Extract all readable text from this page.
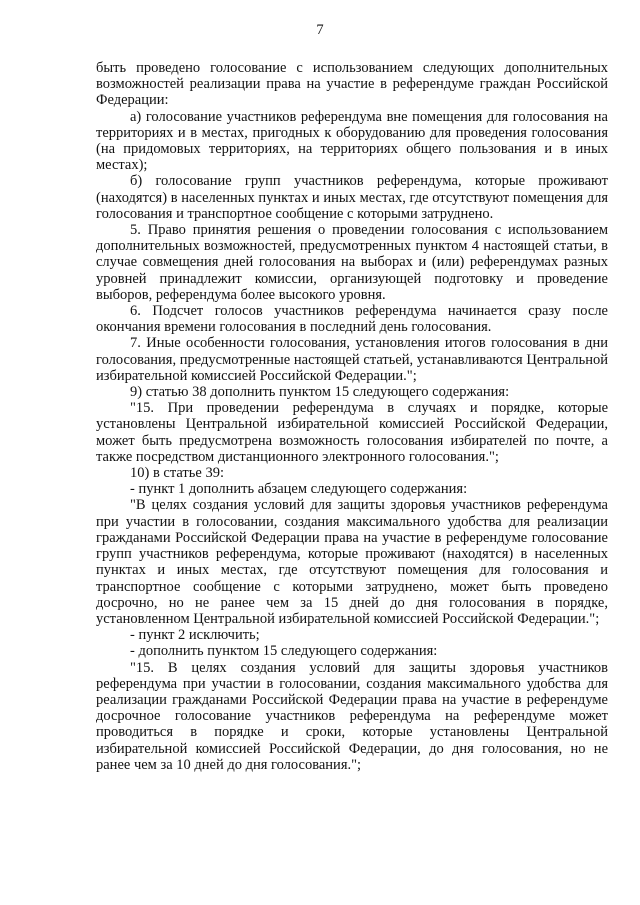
7

быть проведено голосование с использованием следующих дополнительных возможностей реализации права на участие в референдуме граждан Российской Федерации:

а) голосование участников референдума вне помещения для голосования на территориях и в местах, пригодных к оборудованию для проведения голосования (на придомовых территориях, на территориях общего пользования и в иных местах);

б) голосование групп участников референдума, которые проживают (находятся) в населенных пунктах и иных местах, где отсутствуют помещения для голосования и транспортное сообщение с которыми затруднено.

5. Право принятия решения о проведении голосования с использованием дополнительных возможностей, предусмотренных пунктом 4 настоящей статьи, в случае совмещения дней голосования на выборах и (или) референдумах разных уровней принадлежит комиссии, организующей подготовку и проведение выборов, референдума более высокого уровня.

6. Подсчет голосов участников референдума начинается сразу после окончания времени голосования в последний день голосования.

7. Иные особенности голосования, установления итогов голосования в дни голосования, предусмотренные настоящей статьей, устанавливаются Центральной избирательной комиссией Российской Федерации.";

9) статью 38 дополнить пунктом 15 следующего содержания:

"15. При проведении референдума в случаях и порядке, которые установлены Центральной избирательной комиссией Российской Федерации, может быть предусмотрена возможность голосования избирателей по почте, а также посредством дистанционного электронного голосования.";

10) в статье 39:

- пункт 1 дополнить абзацем следующего содержания:

"В целях создания условий для защиты здоровья участников референдума при участии в голосовании, создания максимального удобства для реализации гражданами Российской Федерации права на участие в референдуме голосование групп участников референдума, которые проживают (находятся) в населенных пунктах и иных местах, где отсутствуют помещения для голосования и транспортное сообщение с которыми затруднено, может быть проведено досрочно, но не ранее чем за 15 дней до дня голосования в порядке, установленном Центральной избирательной комиссией Российской Федерации.";

- пункт 2 исключить;

- дополнить пунктом 15 следующего содержания:

"15. В целях создания условий для защиты здоровья участников референдума при участии в голосовании, создания максимального удобства для реализации гражданами Российской Федерации права на участие в референдуме досрочное голосование участников референдума на референдуме может проводиться в порядке и сроки, которые установлены Центральной избирательной комиссией Российской Федерации, до дня голосования, но не ранее чем за 10 дней до дня голосования.";
